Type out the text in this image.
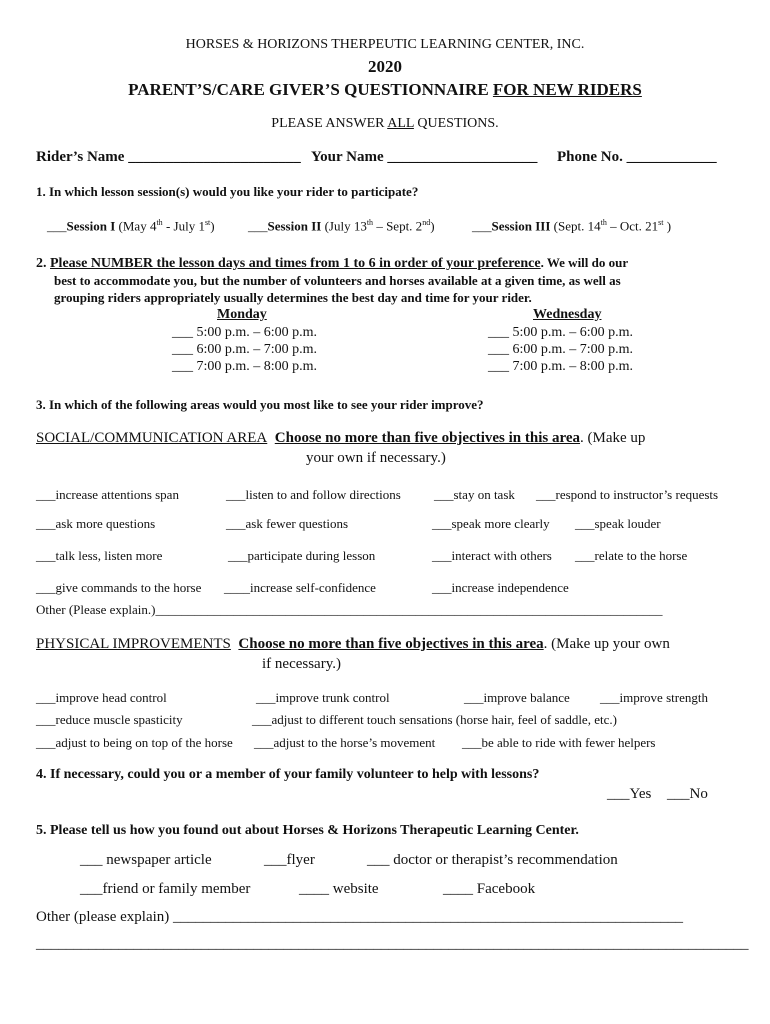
HORSES & HORIZONS THERPEUTIC LEARNING CENTER, INC.
2020
PARENT’S/CARE GIVER’S QUESTIONNAIRE FOR NEW RIDERS
PLEASE ANSWER ALL QUESTIONS.
Rider’s Name _______________________ Your Name ____________________ Phone No. ____________
1. In which lesson session(s) would you like your rider to participate?
___Session I (May 4th - July 1st)	___Session II (July 13th – Sept. 2nd)	___Session III (Sept. 14th – Oct. 21st )
2. Please NUMBER the lesson days and times from 1 to 6 in order of your preference. We will do our
best to accommodate you, but the number of volunteers and horses available at a given time, as well as
grouping riders appropriately usually determines the best day and time for your rider.
Monday
___ 5:00 p.m. – 6:00 p.m.
___ 6:00 p.m. – 7:00 p.m.
___ 7:00 p.m. – 8:00 p.m.
Wednesday
___ 5:00 p.m. – 6:00 p.m.
___ 6:00 p.m. – 7:00 p.m.
___ 7:00 p.m. – 8:00 p.m.
3. In which of the following areas would you most like to see your rider improve?
SOCIAL/COMMUNICATION AREA Choose no more than five objectives in this area. (Make up
your own if necessary.)
___increase attentions span	___listen to and follow directions	___stay on task ___respond to instructor’s requests
___ask more questions	___ask fewer questions	___speak more clearly ___speak louder
___talk less, listen more	___participate during lesson	___interact with others ___relate to the horse
___give commands to the horse ____increase self-confidence	___increase independence
Other (Please explain.)______________________________________________________________________________
PHYSICAL IMPROVEMENTS Choose no more than five objectives in this area. (Make up your own
if necessary.)
___improve head control	___improve trunk control	___improve balance ___improve strength
___reduce muscle spasticity	___adjust to different touch sensations (horse hair, feel of saddle, etc.)
___adjust to being on top of the horse ___adjust to the horse’s movement ___be able to ride with fewer helpers
4. If necessary, could you or a member of your family volunteer to help with lessons?
___Yes ___No
5. Please tell us how you found out about Horses & Horizons Therapeutic Learning Center.
___ newspaper article	___flyer	___ doctor or therapist’s recommendation
___friend or family member	____ website	____ Facebook
Other (please explain) ____________________________________________________________________
_______________________________________________________________________________________________
